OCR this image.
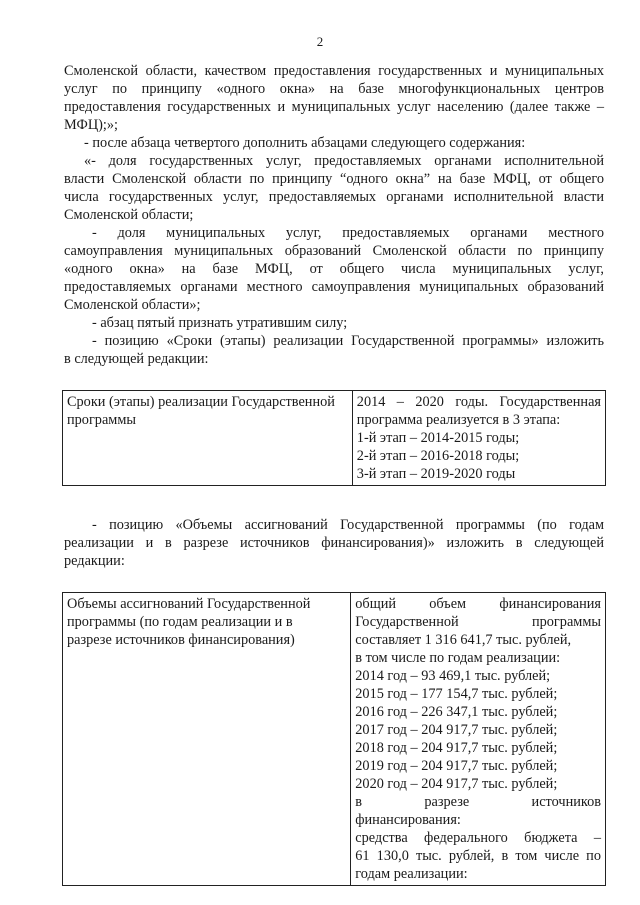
2
Смоленской области, качеством предоставления государственных и муниципальных
услуг по принципу «одного окна» на базе многофункциональных центров
предоставления государственных и муниципальных услуг населению (далее также –
МФЦ);»;
- после абзаца четвертого дополнить абзацами следующего содержания:
«- доля государственных услуг, предоставляемых органами исполнительной
власти Смоленской области по принципу “одного окна” на базе МФЦ, от общего
числа государственных услуг, предоставляемых органами исполнительной власти
Смоленской области;
- доля муниципальных услуг, предоставляемых органами местного
самоуправления муниципальных образований Смоленской области по принципу
«одного окна» на базе МФЦ, от общего числа муниципальных услуг,
предоставляемых органами местного самоуправления муниципальных образований
Смоленской области»;
- абзац пятый признать утратившим силу;
- позицию «Сроки (этапы) реализации Государственной программы» изложить
в следующей редакции:
Сроки (этапы) реализации Государственной
программы

2014 – 2020 годы. Государственная
программа реализуется в 3 этапа:
1-й этап – 2014-2015 годы;
2-й этап – 2016-2018 годы;
3-й этап – 2019-2020 годы
- позицию «Объемы ассигнований Государственной программы (по годам
реализации и в разрезе источников финансирования)» изложить в следующей
редакции:
Объемы ассигнований Государственной
программы (по годам реализации и в
разрезе источников финансирования)

общий объем финансирования
Государственной программы
составляет 1 316 641,7 тыс. рублей,
в том числе по годам реализации:
2014 год – 93 469,1 тыс. рублей;
2015 год – 177 154,7 тыс. рублей;
2016 год – 226 347,1 тыс. рублей;
2017 год – 204 917,7 тыс. рублей;
2018 год – 204 917,7 тыс. рублей;
2019 год – 204 917,7 тыс. рублей;
2020 год – 204 917,7 тыс. рублей;
в разрезе источников
финансирования:
средства федерального бюджета –
61 130,0 тыс. рублей, в том числе по
годам реализации:
